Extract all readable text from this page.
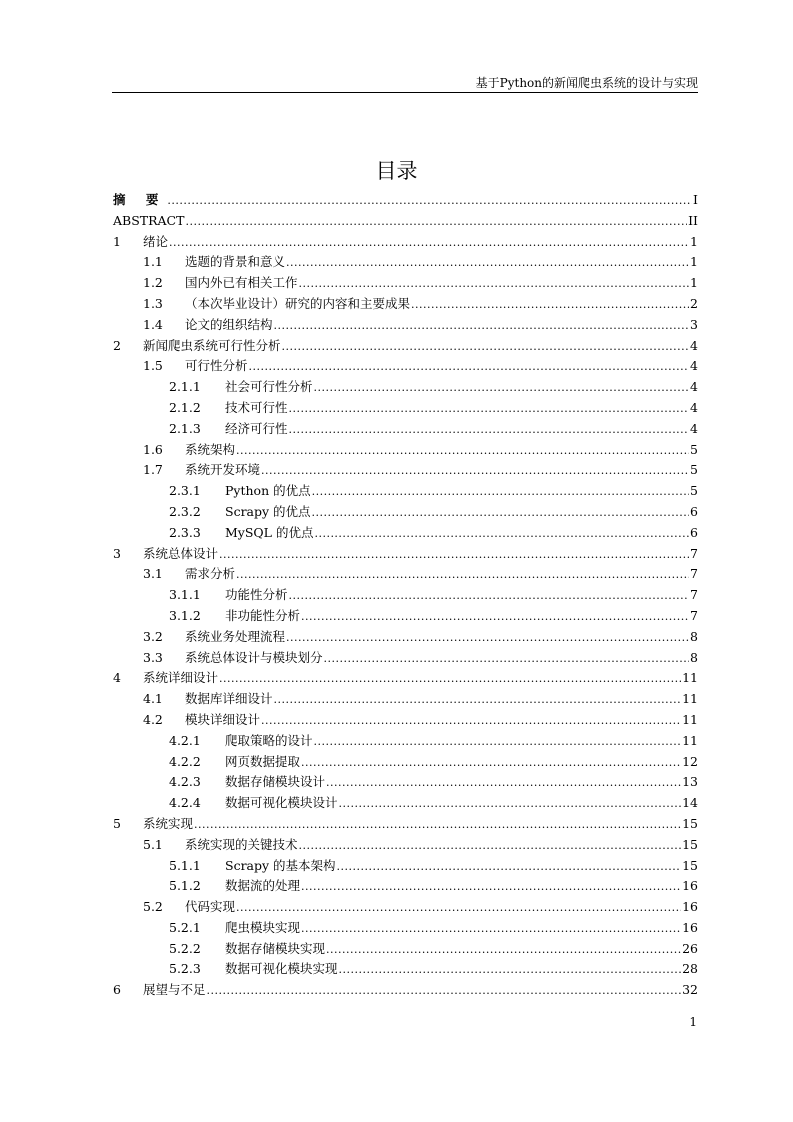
基于Python的新闻爬虫系统的设计与实现
目录
摘 要 .....	I
ABSTRACT .....	II
1	绪论 .....	1
1.1	选题的背景和意义 .....	1
1.2	国内外已有相关工作 .....	1
1.3	（本次毕业设计）研究的内容和主要成果 .....	2
1.4	论文的组织结构 .....	3
2	新闻爬虫系统可行性分析 .....	4
1.5	可行性分析 .....	4
2.1.1	社会可行性分析 .....	4
2.1.2	技术可行性 .....	4
2.1.3	经济可行性 .....	4
1.6	系统架构 .....	5
1.7	系统开发环境 .....	5
2.3.1	Python 的优点 .....	5
2.3.2	Scrapy 的优点 .....	6
2.3.3	MySQL 的优点 .....	6
3	系统总体设计 .....	7
3.1	需求分析 .....	7
3.1.1	功能性分析 .....	7
3.1.2	非功能性分析 .....	7
3.2	系统业务处理流程 .....	8
3.3	系统总体设计与模块划分 .....	8
4	系统详细设计 .....	11
4.1	数据库详细设计 .....	11
4.2	模块详细设计 .....	11
4.2.1	爬取策略的设计 .....	11
4.2.2	网页数据提取 .....	12
4.2.3	数据存储模块设计 .....	13
4.2.4	数据可视化模块设计 .....	14
5	系统实现 .....	15
5.1	系统实现的关键技术 .....	15
5.1.1	Scrapy 的基本架构 .....	15
5.1.2	数据流的处理 .....	16
5.2	代码实现 .....	16
5.2.1	爬虫模块实现 .....	16
5.2.2	数据存储模块实现 .....	26
5.2.3	数据可视化模块实现 .....	28
6	展望与不足 .....	32
1
